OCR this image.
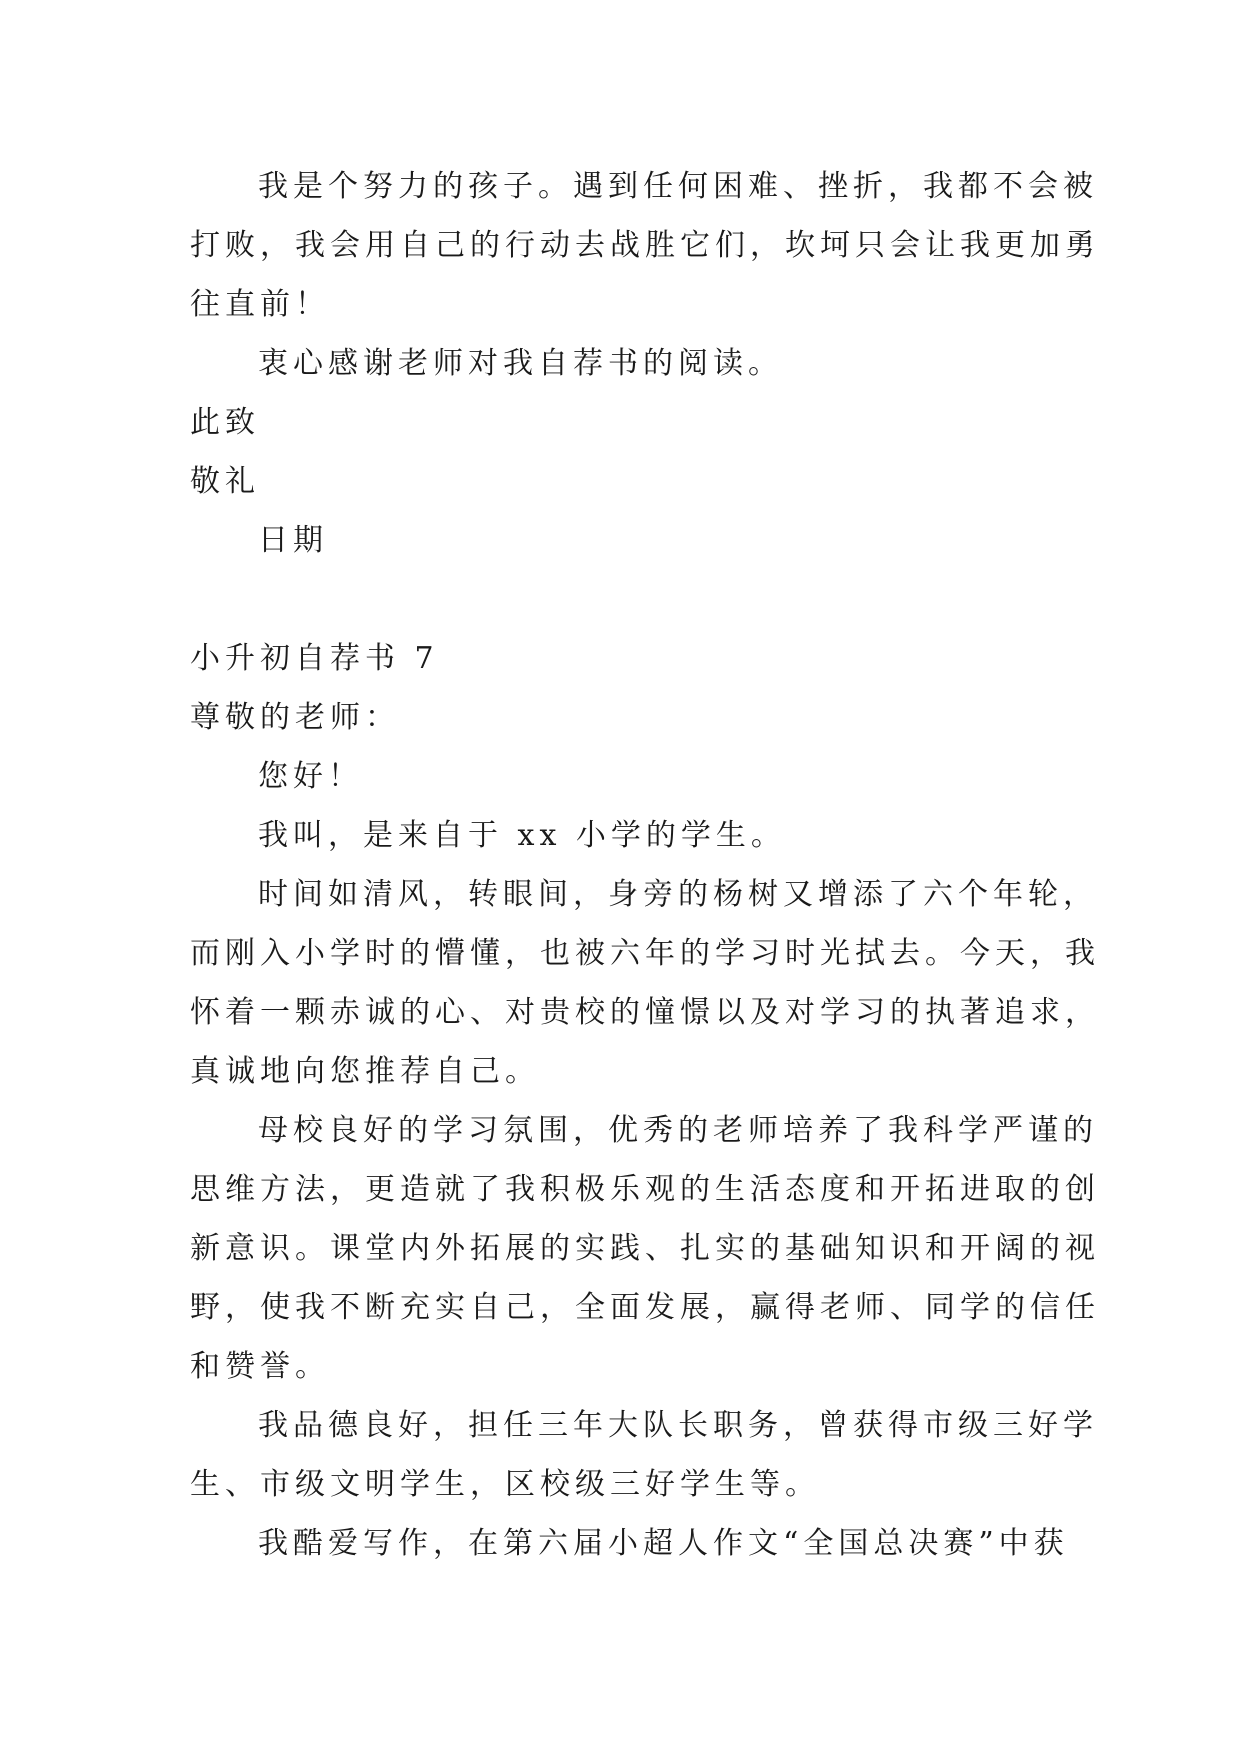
我是个努力的孩子。遇到任何困难、挫折，我都不会被
打败，我会用自己的行动去战胜它们，坎坷只会让我更加勇
往直前！
衷心感谢老师对我自荐书的阅读。
此致
敬礼
日期
小升初自荐书 7
尊敬的老师：
您好！
我叫，是来自于 xx 小学的学生。
时间如清风，转眼间，身旁的杨树又增添了六个年轮，
而刚入小学时的懵懂，也被六年的学习时光拭去。今天，我
怀着一颗赤诚的心、对贵校的憧憬以及对学习的执著追求，
真诚地向您推荐自己。
母校良好的学习氛围，优秀的老师培养了我科学严谨的
思维方法，更造就了我积极乐观的生活态度和开拓进取的创
新意识。课堂内外拓展的实践、扎实的基础知识和开阔的视
野，使我不断充实自己，全面发展，赢得老师、同学的信任
和赞誉。
我品德良好，担任三年大队长职务，曾获得市级三好学
生、市级文明学生，区校级三好学生等。
我酷爱写作，在第六届小超人作文“全国总决赛”中获
